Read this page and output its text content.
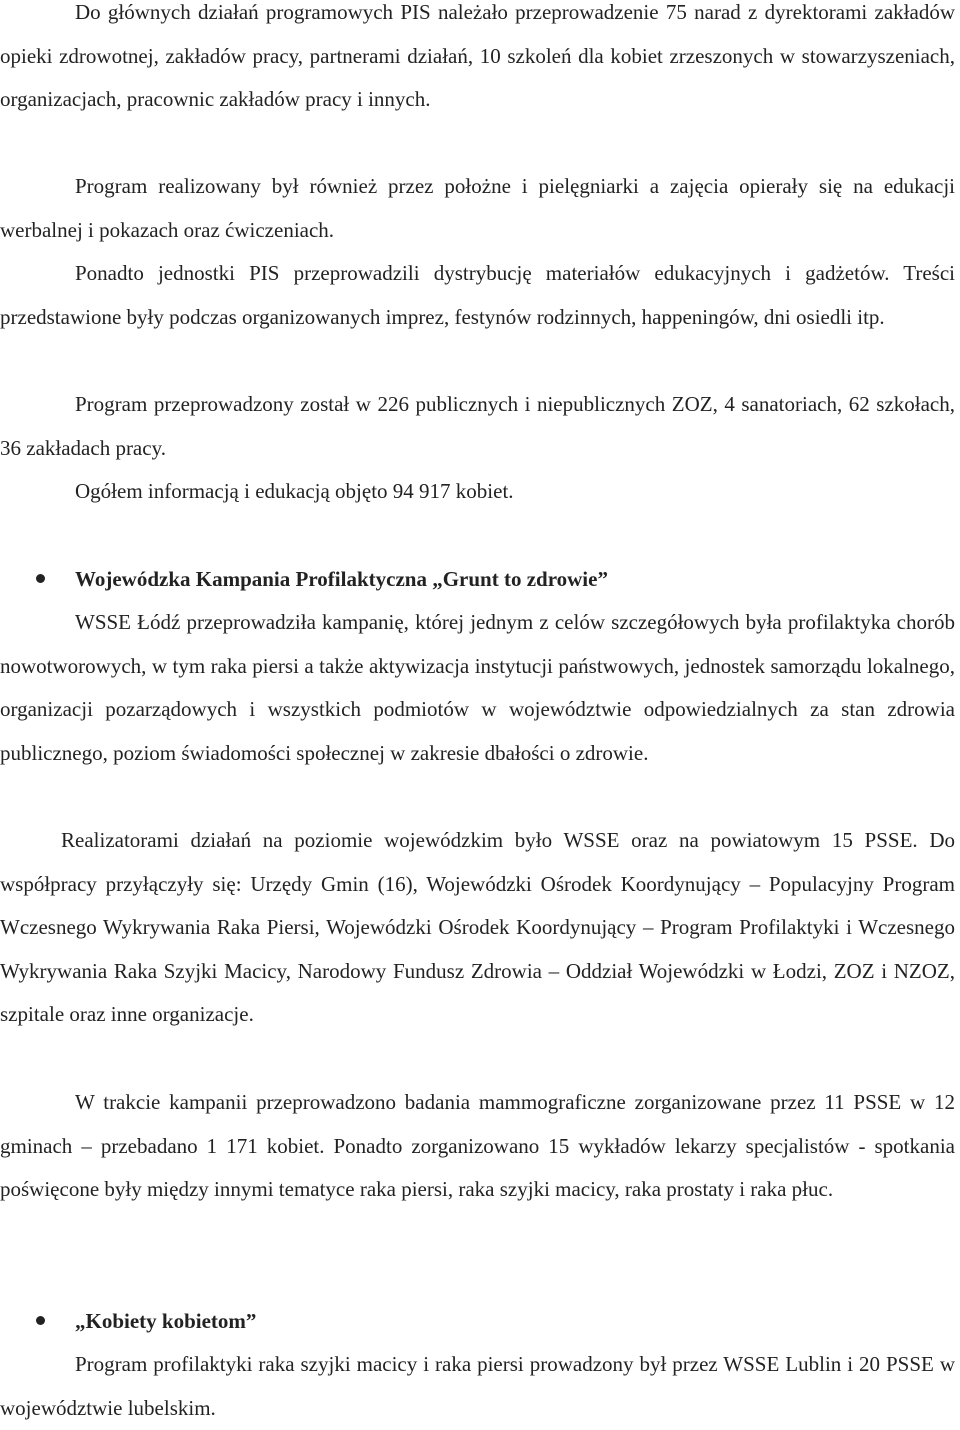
Do głównych działań programowych PIS należało przeprowadzenie 75 narad z dyrektorami zakładów opieki zdrowotnej, zakładów pracy, partnerami działań, 10 szkoleń dla kobiet zrzeszonych w stowarzyszeniach, organizacjach, pracownic zakładów pracy i innych.

Program realizowany był również przez położne i pielęgniarki a zajęcia opierały się na edukacji werbalnej i pokazach oraz ćwiczeniach.

Ponadto jednostki PIS przeprowadzili dystrybucję materiałów edukacyjnych i gadżetów. Treści przedstawione były podczas organizowanych imprez, festynów rodzinnych, happeningów, dni osiedli itp.

Program przeprowadzony został w 226 publicznych i niepublicznych ZOZ, 4 sanatoriach, 62 szkołach, 36 zakładach pracy.

Ogółem informacją i edukacją objęto 94 917 kobiet.

Wojewódzka Kampania Profilaktyczna „Grunt to zdrowie”

WSSE Łódź przeprowadziła kampanię, której jednym z celów szczegółowych była profilaktyka chorób nowotworowych, w tym raka piersi a także aktywizacja instytucji państwowych, jednostek samorządu lokalnego, organizacji pozarządowych i wszystkich podmiotów w województwie odpowiedzialnych za stan zdrowia publicznego, poziom świadomości społecznej w zakresie dbałości o zdrowie.

Realizatorami działań na poziomie wojewódzkim było WSSE oraz na powiatowym 15 PSSE. Do współpracy przyłączyły się: Urzędy Gmin (16), Wojewódzki Ośrodek Koordynujący – Populacyjny Program Wczesnego Wykrywania Raka Piersi, Wojewódzki Ośrodek Koordynujący – Program Profilaktyki i Wczesnego Wykrywania Raka Szyjki Macicy, Narodowy Fundusz Zdrowia – Oddział Wojewódzki w Łodzi, ZOZ i NZOZ, szpitale oraz inne organizacje.

W trakcie kampanii przeprowadzono badania mammograficzne zorganizowane przez 11 PSSE w 12 gminach – przebadano 1 171 kobiet. Ponadto zorganizowano 15 wykładów lekarzy specjalistów - spotkania poświęcone były między innymi tematyce raka piersi, raka szyjki macicy, raka prostaty i raka płuc.

„Kobiety kobietom”

Program profilaktyki raka szyjki macicy i raka piersi prowadzony był przez WSSE Lublin i 20 PSSE w województwie lubelskim.
